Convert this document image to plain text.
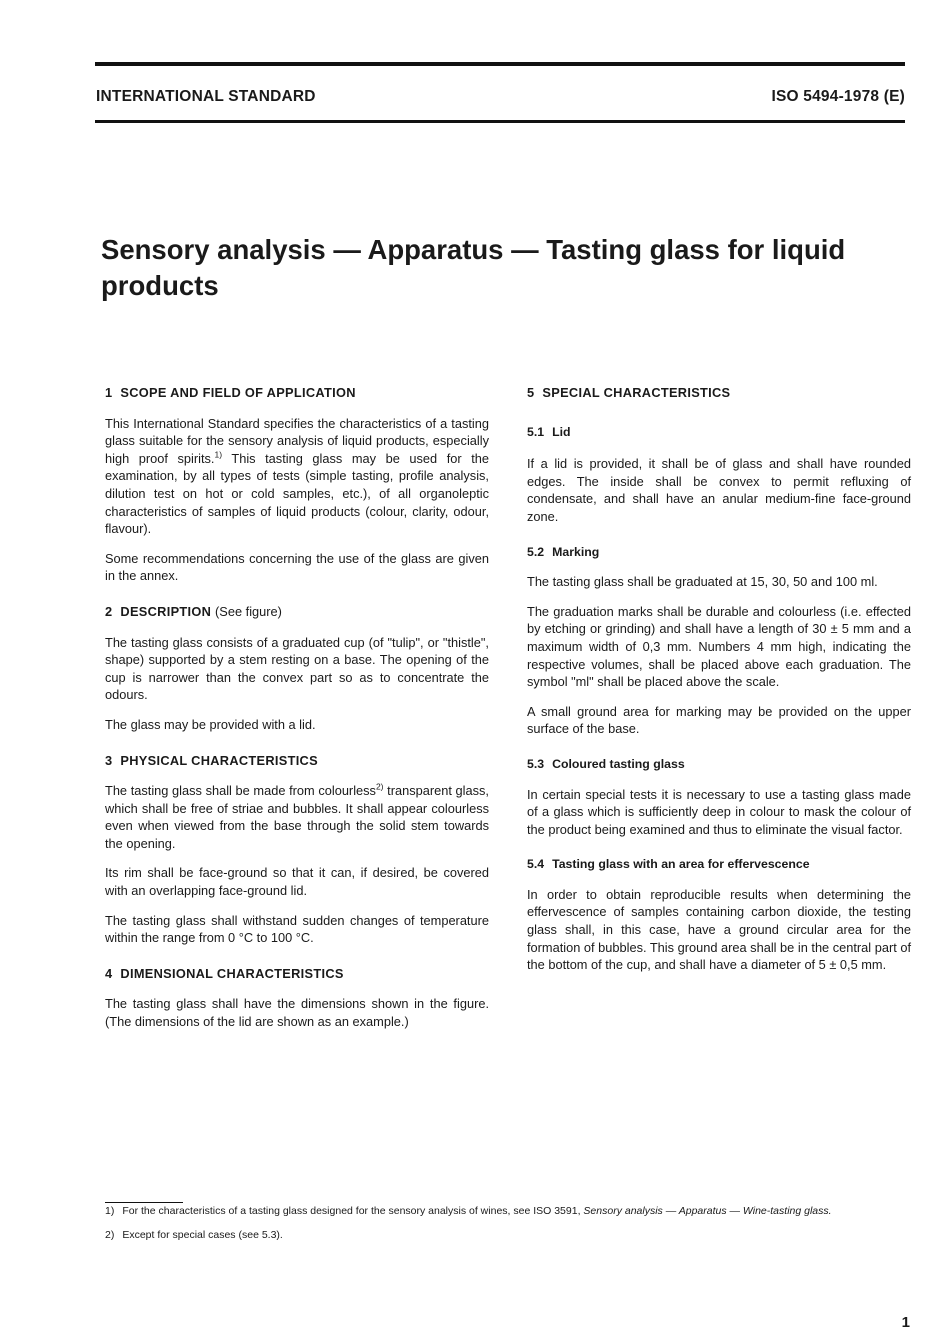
INTERNATIONAL STANDARD	ISO 5494-1978 (E)
Sensory analysis — Apparatus — Tasting glass for liquid products
1 SCOPE AND FIELD OF APPLICATION

This International Standard specifies the characteristics of a tasting glass suitable for the sensory analysis of liquid products, especially high proof spirits.$^{1)}$ This tasting glass may be used for the examination, by all types of tests (simple tasting, profile analysis, dilution test on hot or cold samples, etc.), of all organoleptic characteristics of samples of liquid products (colour, clarity, odour, flavour).

Some recommendations concerning the use of the glass are given in the annex.

2 DESCRIPTION (See figure)

The tasting glass consists of a graduated cup (of "tulip", or "thistle", shape) supported by a stem resting on a base. The opening of the cup is narrower than the convex part so as to concentrate the odours.

The glass may be provided with a lid.

3 PHYSICAL CHARACTERISTICS

The tasting glass shall be made from colourless$^{2)}$ transparent glass, which shall be free of striae and bubbles. It shall appear colourless even when viewed from the base through the solid stem towards the opening.

Its rim shall be face-ground so that it can, if desired, be covered with an overlapping face-ground lid.

The tasting glass shall withstand sudden changes of temperature within the range from 0 °C to 100 °C.

4 DIMENSIONAL CHARACTERISTICS

The tasting glass shall have the dimensions shown in the figure. (The dimensions of the lid are shown as an example.)

5 SPECIAL CHARACTERISTICS
5.1 Lid

If a lid is provided, it shall be of glass and shall have rounded edges. The inside shall be convex to permit refluxing of condensate, and shall have an anular medium-fine face-ground zone.

5.2 Marking

The tasting glass shall be graduated at 15, 30, 50 and 100 ml.

The graduation marks shall be durable and colourless (i.e. effected by etching or grinding) and shall have a length of 30 ± 5 mm and a maximum width of 0,3 mm. Numbers 4 mm high, indicating the respective volumes, shall be placed above each graduation. The symbol "ml" shall be placed above the scale.

A small ground area for marking may be provided on the upper surface of the base.

5.3 Coloured tasting glass

In certain special tests it is necessary to use a tasting glass made of a glass which is sufficiently deep in colour to mask the colour of the product being examined and thus to eliminate the visual factor.

5.4 Tasting glass with an area for effervescence

In order to obtain reproducible results when determining the effervescence of samples containing carbon dioxide, the testing glass shall, in this case, have a ground circular area for the formation of bubbles. This ground area shall be in the central part of the bottom of the cup, and shall have a diameter of 5 ± 0,5 mm.

1) For the characteristics of a tasting glass designed for the sensory analysis of wines, see ISO 3591, Sensory analysis — Apparatus — Wine-tasting glass.

2) Except for special cases (see 5.3).

1
